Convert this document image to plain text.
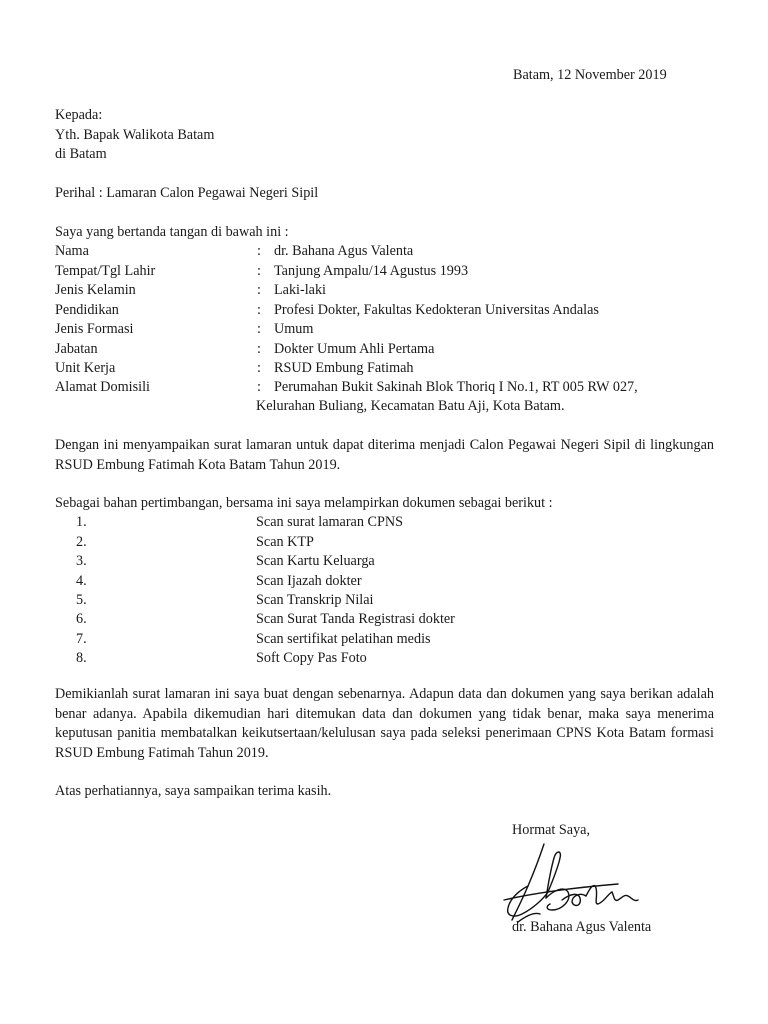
Batam, 12 November 2019
Kepada:
Yth. Bapak Walikota Batam
di Batam
Perihal : Lamaran Calon Pegawai Negeri Sipil
Saya yang bertanda tangan di bawah ini :
Nama	: dr. Bahana Agus Valenta
Tempat/Tgl Lahir	: Tanjung Ampalu/14 Agustus 1993
Jenis Kelamin	: Laki-laki
Pendidikan	: Profesi Dokter, Fakultas Kedokteran Universitas Andalas
Jenis Formasi	: Umum
Jabatan	: Dokter Umum Ahli Pertama
Unit Kerja	: RSUD Embung Fatimah
Alamat Domisili	: Perumahan Bukit Sakinah Blok Thoriq I No.1, RT 005 RW 027,
Kelurahan Buliang, Kecamatan Batu Aji, Kota Batam.
Dengan ini menyampaikan surat lamaran untuk dapat diterima menjadi Calon Pegawai Negeri Sipil di lingkungan RSUD Embung Fatimah Kota Batam Tahun 2019.
Sebagai bahan pertimbangan, bersama ini saya melampirkan dokumen sebagai berikut :
1.	Scan surat lamaran CPNS
2.	Scan KTP
3.	Scan Kartu Keluarga
4.	Scan Ijazah dokter
5.	Scan Transkrip Nilai
6.	Scan Surat Tanda Registrasi dokter
7.	Scan sertifikat pelatihan medis
8.	Soft Copy Pas Foto
Demikianlah surat lamaran ini saya buat dengan sebenarnya. Adapun data dan dokumen yang saya berikan adalah benar adanya. Apabila dikemudian hari ditemukan data dan dokumen yang tidak benar, maka saya menerima keputusan panitia membatalkan keikutsertaan/kelulusan saya pada seleksi penerimaan CPNS Kota Batam formasi RSUD Embung Fatimah Tahun 2019.
Atas perhatiannya, saya sampaikan terima kasih.
Hormat Saya,
dr. Bahana Agus Valenta
